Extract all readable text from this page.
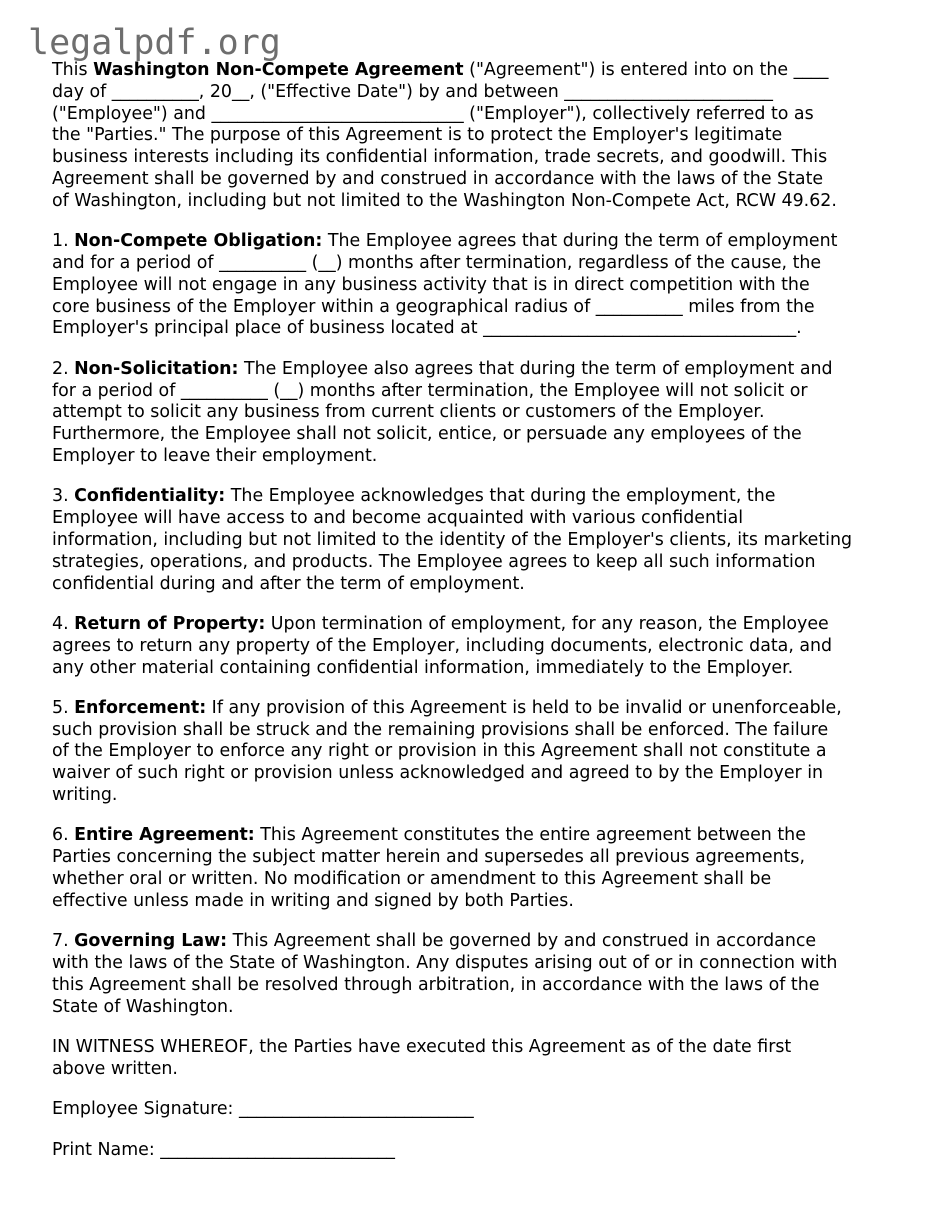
legalpdf.org
This Washington Non-Compete Agreement ("Agreement") is entered into on the ____
day of __________, 20__, ("Effective Date") by and between ________________________
("Employee") and _____________________________ ("Employer"), collectively referred to as
the "Parties." The purpose of this Agreement is to protect the Employer's legitimate
business interests including its confidential information, trade secrets, and goodwill. This
Agreement shall be governed by and construed in accordance with the laws of the State
of Washington, including but not limited to the Washington Non-Compete Act, RCW 49.62.
1. Non-Compete Obligation: The Employee agrees that during the term of employment
and for a period of __________ (__) months after termination, regardless of the cause, the
Employee will not engage in any business activity that is in direct competition with the
core business of the Employer within a geographical radius of __________ miles from the
Employer's principal place of business located at ____________________________________.
2. Non-Solicitation: The Employee also agrees that during the term of employment and
for a period of __________ (__) months after termination, the Employee will not solicit or
attempt to solicit any business from current clients or customers of the Employer.
Furthermore, the Employee shall not solicit, entice, or persuade any employees of the
Employer to leave their employment.
3. Confidentiality: The Employee acknowledges that during the employment, the
Employee will have access to and become acquainted with various confidential
information, including but not limited to the identity of the Employer's clients, its marketing
strategies, operations, and products. The Employee agrees to keep all such information
confidential during and after the term of employment.
4. Return of Property: Upon termination of employment, for any reason, the Employee
agrees to return any property of the Employer, including documents, electronic data, and
any other material containing confidential information, immediately to the Employer.
5. Enforcement: If any provision of this Agreement is held to be invalid or unenforceable,
such provision shall be struck and the remaining provisions shall be enforced. The failure
of the Employer to enforce any right or provision in this Agreement shall not constitute a
waiver of such right or provision unless acknowledged and agreed to by the Employer in
writing.
6. Entire Agreement: This Agreement constitutes the entire agreement between the
Parties concerning the subject matter herein and supersedes all previous agreements,
whether oral or written. No modification or amendment to this Agreement shall be
effective unless made in writing and signed by both Parties.
7. Governing Law: This Agreement shall be governed by and construed in accordance
with the laws of the State of Washington. Any disputes arising out of or in connection with
this Agreement shall be resolved through arbitration, in accordance with the laws of the
State of Washington.
IN WITNESS WHEREOF, the Parties have executed this Agreement as of the date first
above written.
Employee Signature: ___________________________
Print Name: ___________________________
